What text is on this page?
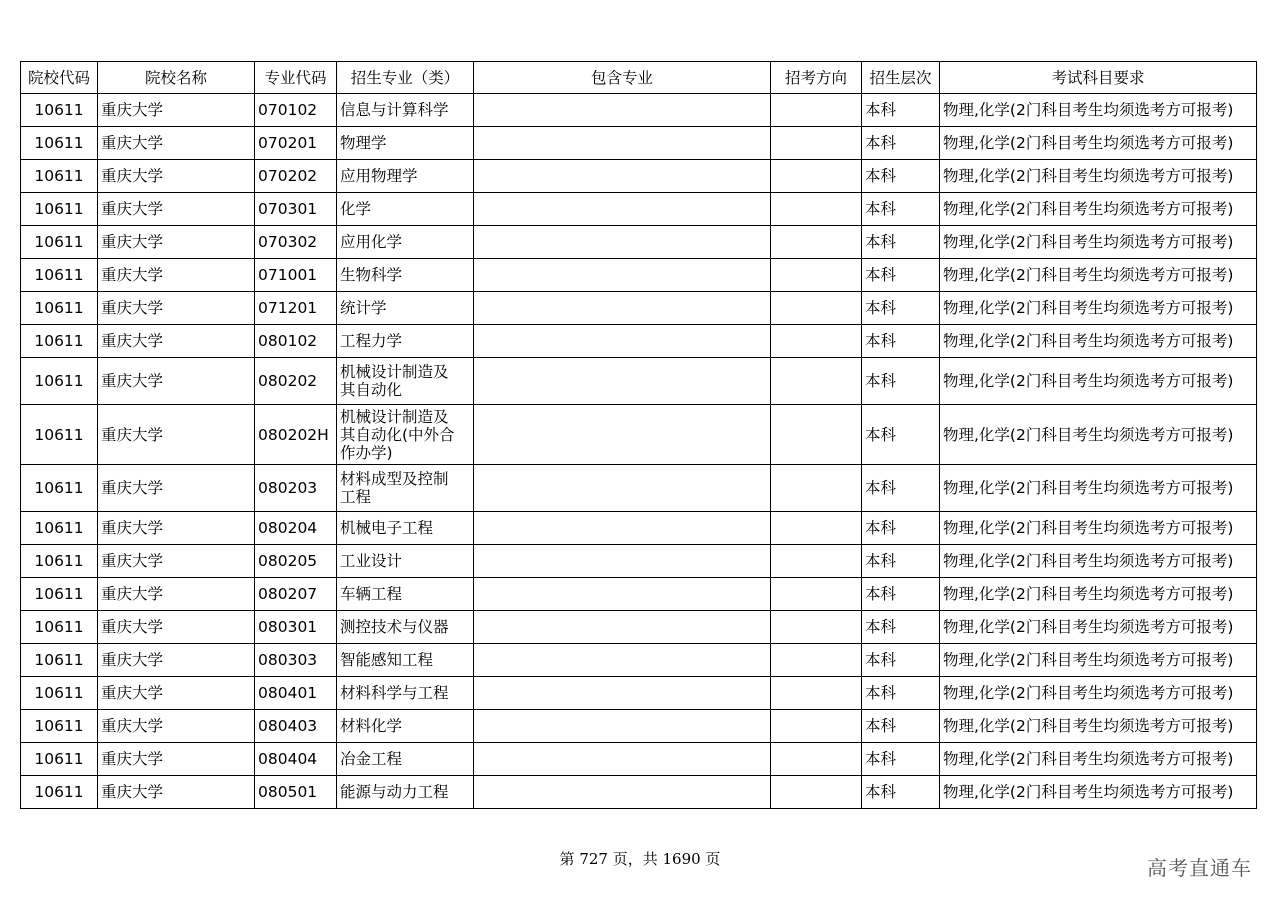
院校代码	院校名称	专业代码	招生专业（类）	包含专业	招考方向	招生层次	考试科目要求
10611	重庆大学	070102	信息与计算科学			本科	物理,化学(2门科目考生均须选考方可报考)
10611	重庆大学	070201	物理学			本科	物理,化学(2门科目考生均须选考方可报考)
10611	重庆大学	070202	应用物理学			本科	物理,化学(2门科目考生均须选考方可报考)
10611	重庆大学	070301	化学			本科	物理,化学(2门科目考生均须选考方可报考)
10611	重庆大学	070302	应用化学			本科	物理,化学(2门科目考生均须选考方可报考)
10611	重庆大学	071001	生物科学			本科	物理,化学(2门科目考生均须选考方可报考)
10611	重庆大学	071201	统计学			本科	物理,化学(2门科目考生均须选考方可报考)
10611	重庆大学	080102	工程力学			本科	物理,化学(2门科目考生均须选考方可报考)
10611	重庆大学	080202	机械设计制造及
其自动化			本科	物理,化学(2门科目考生均须选考方可报考)
10611	重庆大学	080202H	机械设计制造及
其自动化(中外合
作办学)			本科	物理,化学(2门科目考生均须选考方可报考)
10611	重庆大学	080203	材料成型及控制
工程			本科	物理,化学(2门科目考生均须选考方可报考)
10611	重庆大学	080204	机械电子工程			本科	物理,化学(2门科目考生均须选考方可报考)
10611	重庆大学	080205	工业设计			本科	物理,化学(2门科目考生均须选考方可报考)
10611	重庆大学	080207	车辆工程			本科	物理,化学(2门科目考生均须选考方可报考)
10611	重庆大学	080301	测控技术与仪器			本科	物理,化学(2门科目考生均须选考方可报考)
10611	重庆大学	080303	智能感知工程			本科	物理,化学(2门科目考生均须选考方可报考)
10611	重庆大学	080401	材料科学与工程			本科	物理,化学(2门科目考生均须选考方可报考)
10611	重庆大学	080403	材料化学			本科	物理,化学(2门科目考生均须选考方可报考)
10611	重庆大学	080404	冶金工程			本科	物理,化学(2门科目考生均须选考方可报考)
10611	重庆大学	080501	能源与动力工程			本科	物理,化学(2门科目考生均须选考方可报考)
第 727 页，共 1690 页	高考直通车
